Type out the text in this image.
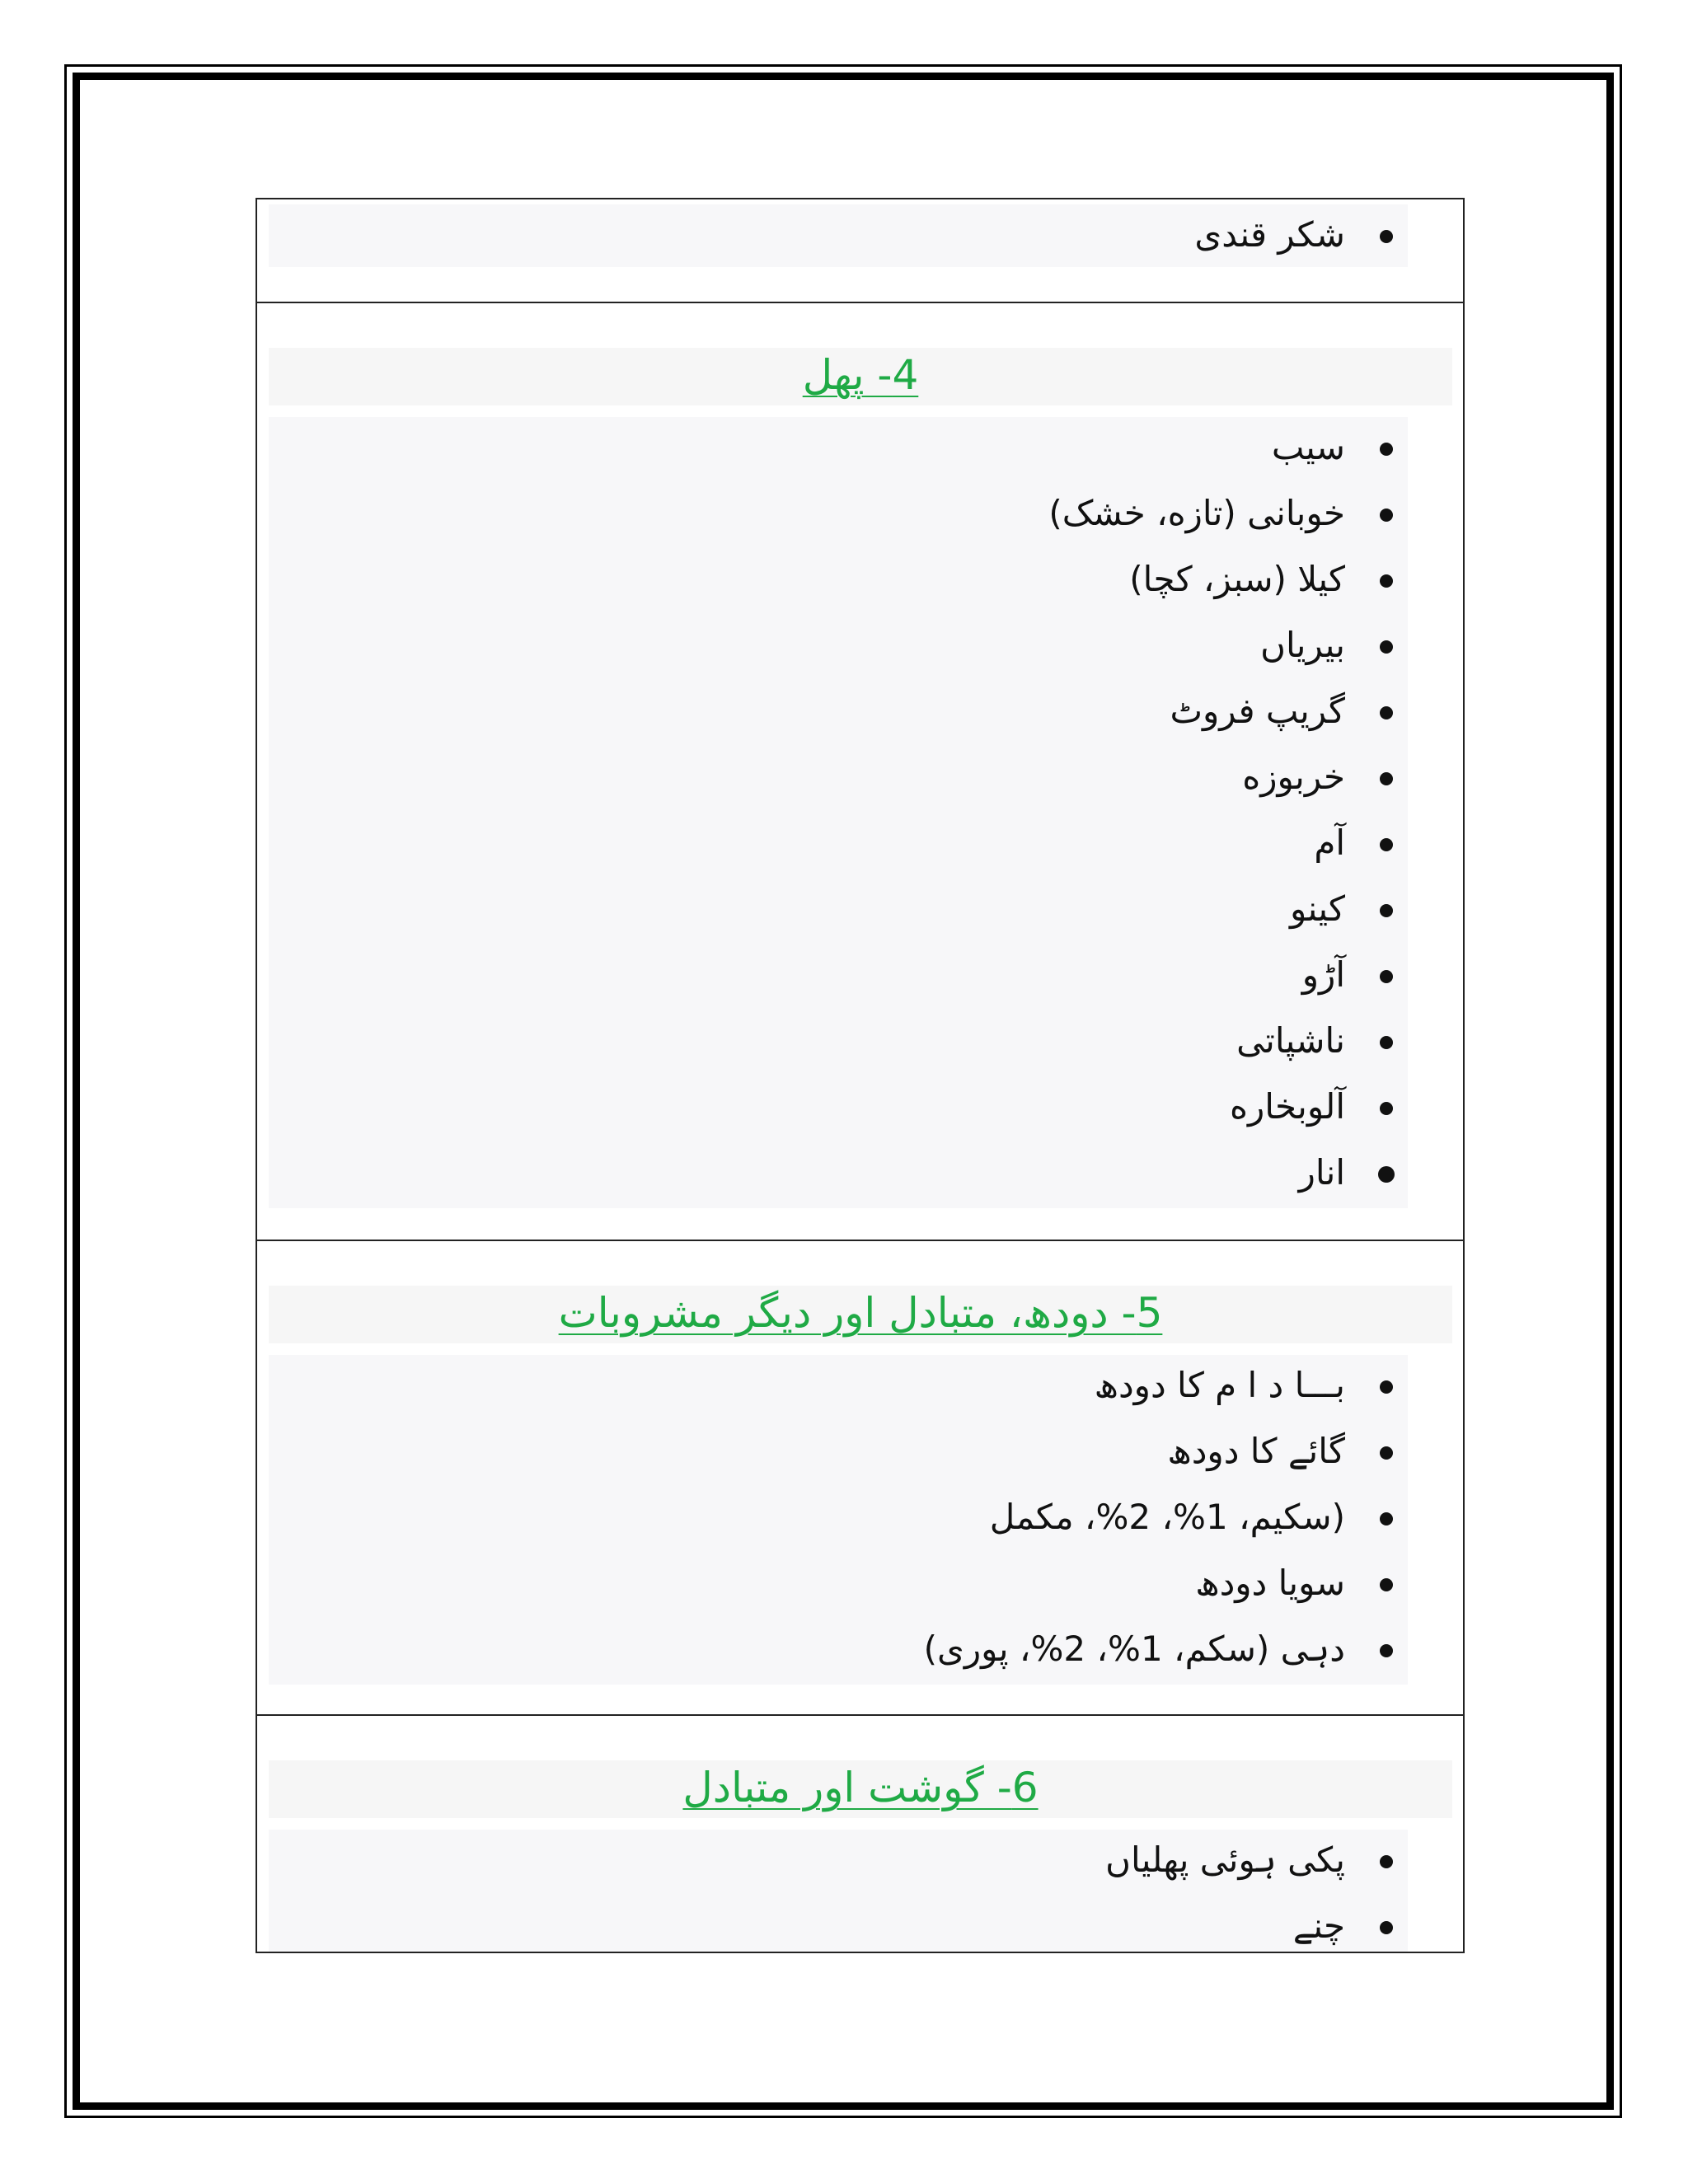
شکر قندی
4- پھل
سیب
خوبانی (تازه، خشک)
کیلا (سبز، کچا)
بیریاں
گریپ فروٹ
خربوزه
آم
کینو
آڑو
ناشپاتی
آلوبخاره
انار
5- دودھ، متبادل اور دیگر مشروبات
بـــا د ا م کا دودھ
گائے کا دودھ
(سکیم، 1%، 2%، مکمل
سویا دودھ
دہی (سکم، 1%، 2%، پوری)
6- گوشت اور متبادل
پکی ہوئی پھلیاں
چنے
